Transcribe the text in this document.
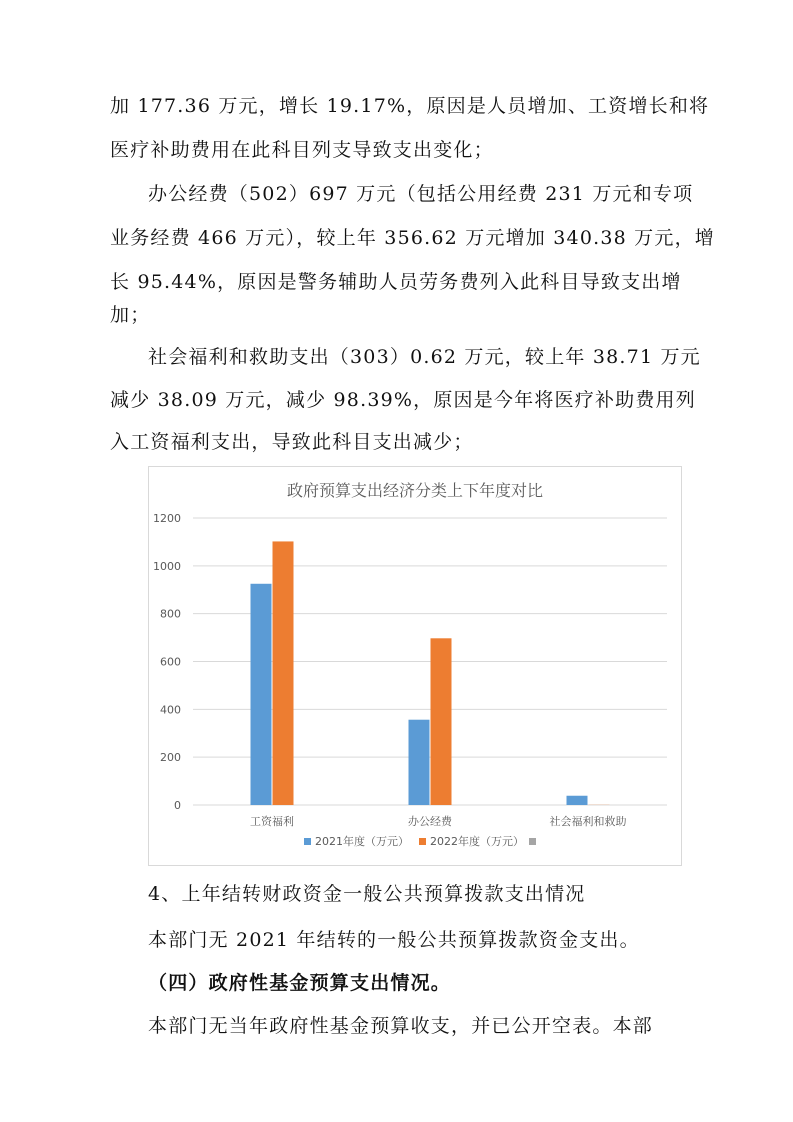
加 177.36 万元，增长 19.17%，原因是人员增加、工资增长和将
医疗补助费用在此科目列支导致支出变化；
办公经费（502）697 万元（包括公用经费 231 万元和专项
业务经费 466 万元），较上年 356.62 万元增加 340.38 万元，增
长 95.44%，原因是警务辅助人员劳务费列入此科目导致支出增
加；
社会福利和救助支出（303）0.62 万元，较上年 38.71 万元
减少 38.09 万元，减少 98.39%，原因是今年将医疗补助费用列
入工资福利支出，导致此科目支出减少；
政府预算支出经济分类上下年度对比
0
200
400
600
800
1000
1200
工资福利	办公经费	社会福利和救助
2021年度（万元） 2022年度（万元）
4、上年结转财政资金一般公共预算拨款支出情况
本部门无 2021 年结转的一般公共预算拨款资金支出。
（四）政府性基金预算支出情况。
本部门无当年政府性基金预算收支，并已公开空表。本部
